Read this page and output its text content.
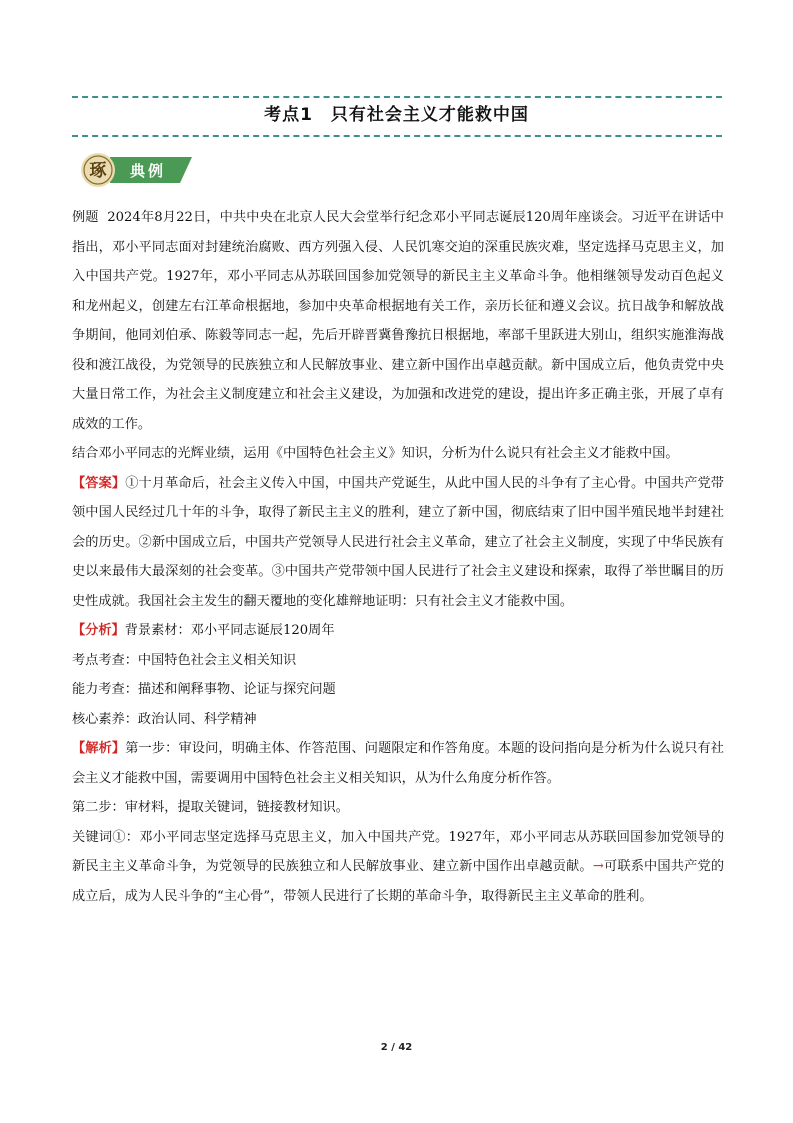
考点1　只有社会主义才能救中国
琢 典例

例题 2024年8月22日，中共中央在北京人民大会堂举行纪念邓小平同志诞辰120周年座谈会。习近平在讲话中指出，邓小平同志面对封建统治腐败、西方列强入侵、人民饥寒交迫的深重民族灾难，坚定选择马克思主义，加入中国共产党。1927年，邓小平同志从苏联回国参加党领导的新民主主义革命斗争。他相继领导发动百色起义和龙州起义，创建左右江革命根据地，参加中央革命根据地有关工作，亲历长征和遵义会议。抗日战争和解放战争期间，他同刘伯承、陈毅等同志一起，先后开辟晋冀鲁豫抗日根据地，率部千里跃进大别山，组织实施淮海战役和渡江战役，为党领导的民族独立和人民解放事业、建立新中国作出卓越贡献。新中国成立后，他负责党中央大量日常工作，为社会主义制度建立和社会主义建设，为加强和改进党的建设，提出许多正确主张，开展了卓有成效的工作。

结合邓小平同志的光辉业绩，运用《中国特色社会主义》知识，分析为什么说只有社会主义才能救中国。

【答案】①十月革命后，社会主义传入中国，中国共产党诞生，从此中国人民的斗争有了主心骨。中国共产党带领中国人民经过几十年的斗争，取得了新民主主义的胜利，建立了新中国，彻底结束了旧中国半殖民地半封建社会的历史。②新中国成立后，中国共产党领导人民进行社会主义革命，建立了社会主义制度，实现了中华民族有史以来最伟大最深刻的社会变革。③中国共产党带领中国人民进行了社会主义建设和探索，取得了举世瞩目的历史性成就。我国社会主发生的翻天覆地的变化雄辩地证明：只有社会主义才能救中国。

【分析】背景素材：邓小平同志诞辰120周年

考点考查：中国特色社会主义相关知识

能力考查：描述和阐释事物、论证与探究问题

核心素养：政治认同、科学精神

【解析】第一步：审设问，明确主体、作答范围、问题限定和作答角度。本题的设问指向是分析为什么说只有社会主义才能救中国，需要调用中国特色社会主义相关知识，从为什么角度分析作答。

第二步：审材料，提取关键词，链接教材知识。

关键词①：邓小平同志坚定选择马克思主义，加入中国共产党。1927年，邓小平同志从苏联回国参加党领导的新民主主义革命斗争，为党领导的民族独立和人民解放事业、建立新中国作出卓越贡献。→可联系中国共产党的成立后，成为人民斗争的“主心骨”，带领人民进行了长期的革命斗争，取得新民主主义革命的胜利。

2 / 42
